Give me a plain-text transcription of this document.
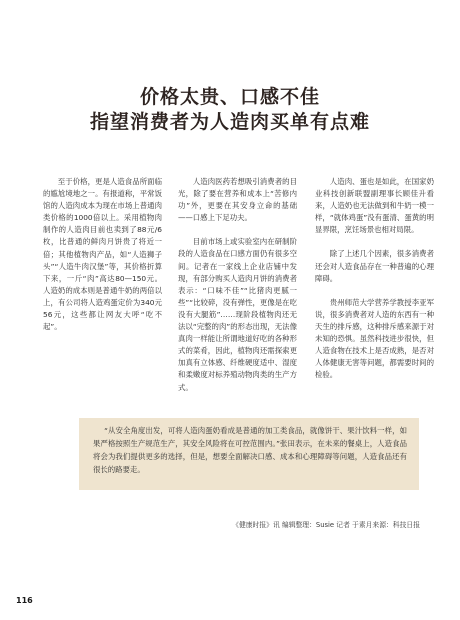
价格太贵、口感不佳
指望消费者为人造肉买单有点难

至于价格，更是人造食品所面临的尴尬境地之一。有报道称，平常饭馆的人造肉成本为现在市场上普通肉类价格的1000倍以上。采用植物肉制作的人造肉目前也卖到了88元/6枚，比普通的鲜肉月饼贵了将近一倍；其他植物肉产品，如“人造狮子头”“人造牛肉汉堡”等，其价格折算下来，一斤“肉”高达80—150元。人造奶的成本则是普通牛奶的两倍以上，有公司将人造鸡蛋定价为340元56元，这些都让网友大呼“吃不起”。

人造肉医药若想吸引消费者的目光，除了要在营养和成本上“苦修内功”外，更要在其安身立命的基础——口感上下足功夫。

目前市场上或实验室内在研制阶段的人造食品在口感方面仍有很多空间。记者在一家线上企业店铺中发现，有部分购买人造肉月饼的消费者表示：“口味不佳”“比猪肉更腻一些”“比较碎，没有弹性，更像是在吃没有大腿筋”……现阶段植物肉还无法以“完整的肉”的形态出现，无法像真肉一样能让所谓地道好吃的各种形式的菜肴，因此，植物肉还需探索更加真有立体感、纤维硬度适中、湿度和柔嫩度对标养殖动物肉类的生产方式。

人造肉、蛋也是如此，在国家奶业科技创新联盟副理事长顾佳升看来，人造奶也无法做到和牛奶一模一样，“就体鸡蛋”没有蛋清、蛋黄的明显界限，烹饪场景也相对局限。

除了上述几个因素，很多消费者还会对人造食品存在一种普遍的心理障碍。

贵州师范大学营养学教授李亚军说，很多消费者对人造的东西有一种天生的排斥感，这种排斥感来源于对未知的恐惧。虽然科技进步很快，但人造食物在技术上是否成熟，是否对人体健康无害等问题，都需要时间的检验。

“从安全角度出发，可将人造肉蛋奶看成是普通的加工类食品，就像饼干、果汁饮料一样，如果严格按照生产规范生产，其安全风险将在可控范围内。”张田表示，在未来的餐桌上，人造食品将会为我们提供更多的选择，但是，想要全面解决口感、成本和心理障碍等问题，人造食品还有很长的路要走。

《健康时报》讯 编辑整理：Susie 记者 于素月来源：科技日报
116
